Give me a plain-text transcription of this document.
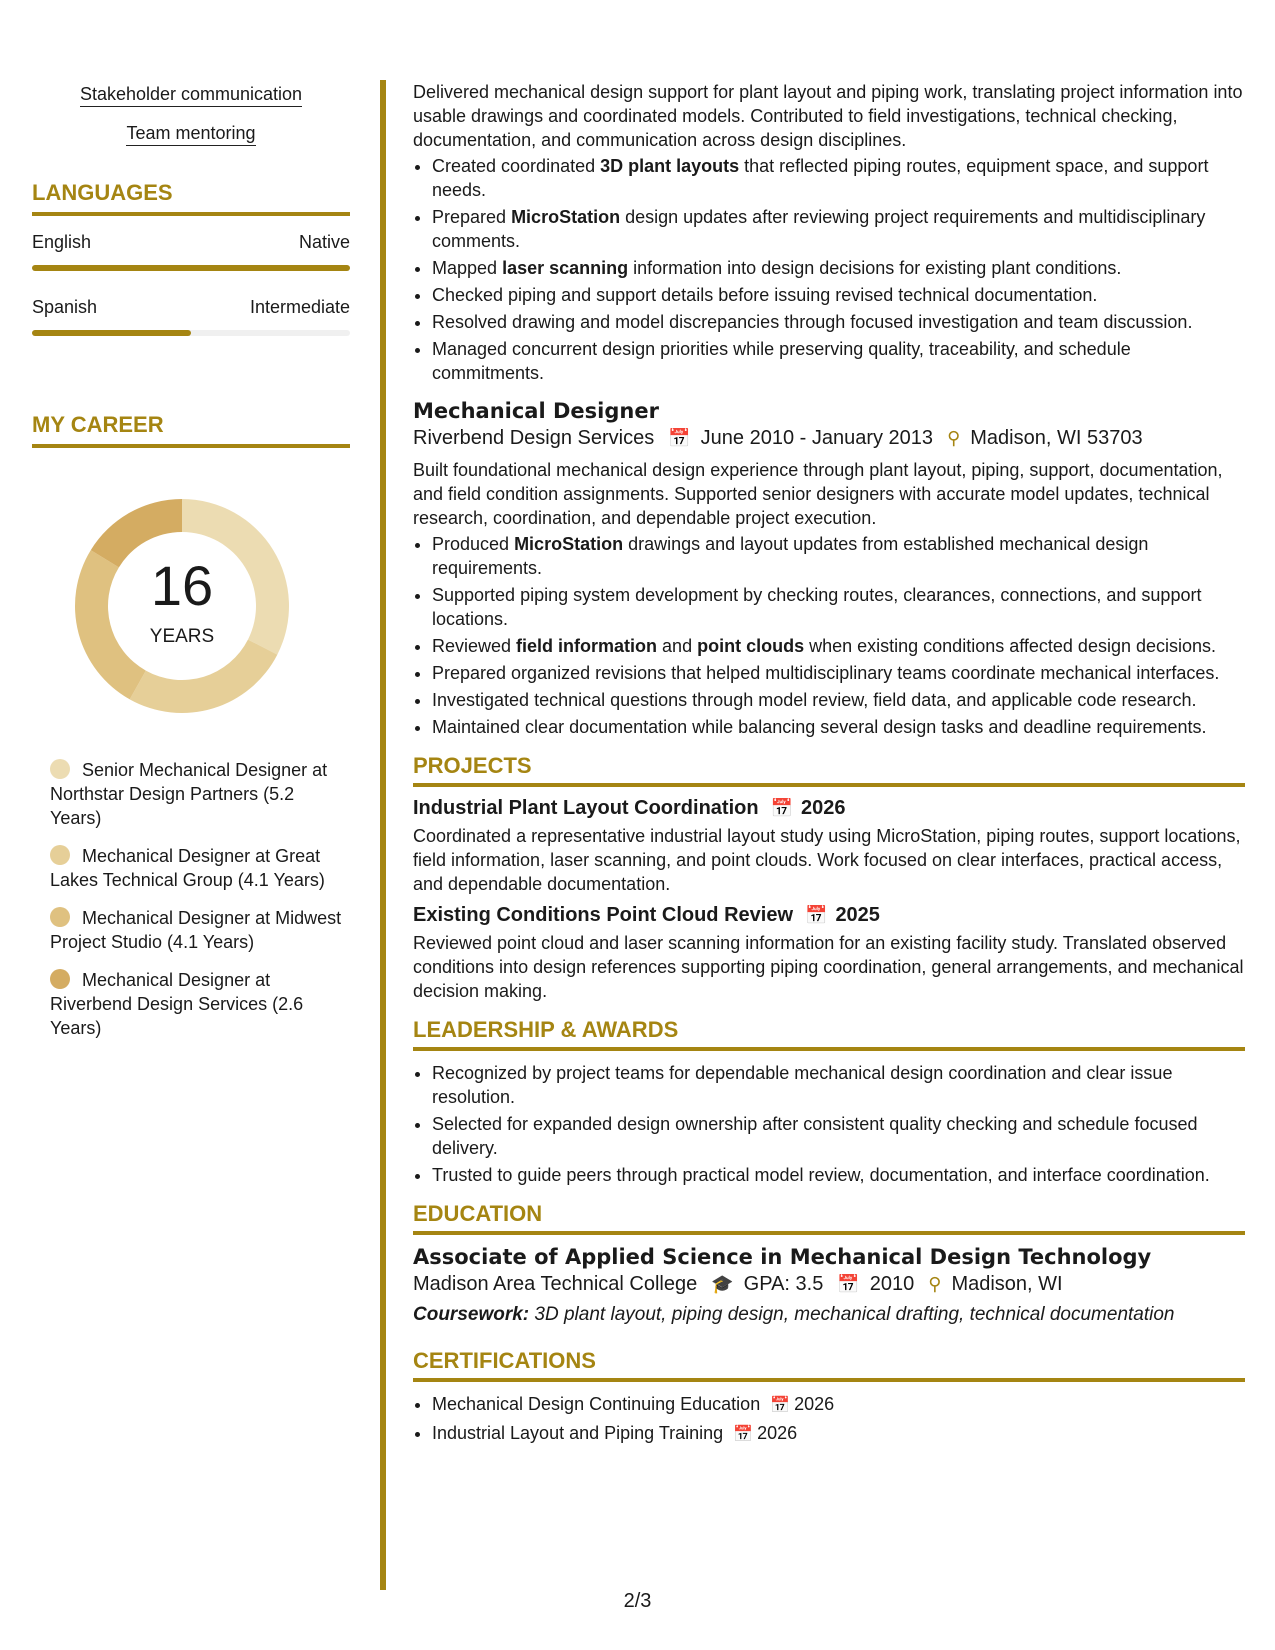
Stakeholder communication
Team mentoring
LANGUAGES
English	Native
Spanish	Intermediate
MY CAREER
16
YEARS
Senior Mechanical Designer at Northstar Design Partners (5.2 Years)
Mechanical Designer at Great Lakes Technical Group (4.1 Years)
Mechanical Designer at Midwest Project Studio (4.1 Years)
Mechanical Designer at Riverbend Design Services (2.6 Years)

Delivered mechanical design support for plant layout and piping work, translating project information into usable drawings and coordinated models. Contributed to field investigations, technical checking, documentation, and communication across design disciplines.

• Created coordinated 3D plant layouts that reflected piping routes, equipment space, and support needs.
• Prepared MicroStation design updates after reviewing project requirements and multidisciplinary comments.
• Mapped laser scanning information into design decisions for existing plant conditions.
• Checked piping and support details before issuing revised technical documentation.
• Resolved drawing and model discrepancies through focused investigation and team discussion.
• Managed concurrent design priorities while preserving quality, traceability, and schedule commitments.
Mechanical Designer
Riverbend Design Services 📅 June 2010 - January 2013 ⚲ Madison, WI 53703

Built foundational mechanical design experience through plant layout, piping, support, documentation, and field condition assignments. Supported senior designers with accurate model updates, technical research, coordination, and dependable project execution.

• Produced MicroStation drawings and layout updates from established mechanical design requirements.
• Supported piping system development by checking routes, clearances, connections, and support locations.
• Reviewed field information and point clouds when existing conditions affected design decisions.
• Prepared organized revisions that helped multidisciplinary teams coordinate mechanical interfaces.
• Investigated technical questions through model review, field data, and applicable code research.
• Maintained clear documentation while balancing several design tasks and deadline requirements.
PROJECTS
Industrial Plant Layout Coordination 📅 2026

Coordinated a representative industrial layout study using MicroStation, piping routes, support locations, field information, laser scanning, and point clouds. Work focused on clear interfaces, practical access, and dependable documentation.

Existing Conditions Point Cloud Review 📅 2025

Reviewed point cloud and laser scanning information for an existing facility study. Translated observed conditions into design references supporting piping coordination, general arrangements, and mechanical decision making.

LEADERSHIP & AWARDS
• Recognized by project teams for dependable mechanical design coordination and clear issue resolution.
• Selected for expanded design ownership after consistent quality checking and schedule focused delivery.
• Trusted to guide peers through practical model review, documentation, and interface coordination.
EDUCATION
Associate of Applied Science in Mechanical Design Technology
Madison Area Technical College 🎓 GPA: 3.5 📅 2010 ⚲ Madison, WI
Coursework: 3D plant layout, piping design, mechanical drafting, technical documentation
CERTIFICATIONS
• Mechanical Design Continuing Education 📅 2026
• Industrial Layout and Piping Training 📅 2026
2/3
